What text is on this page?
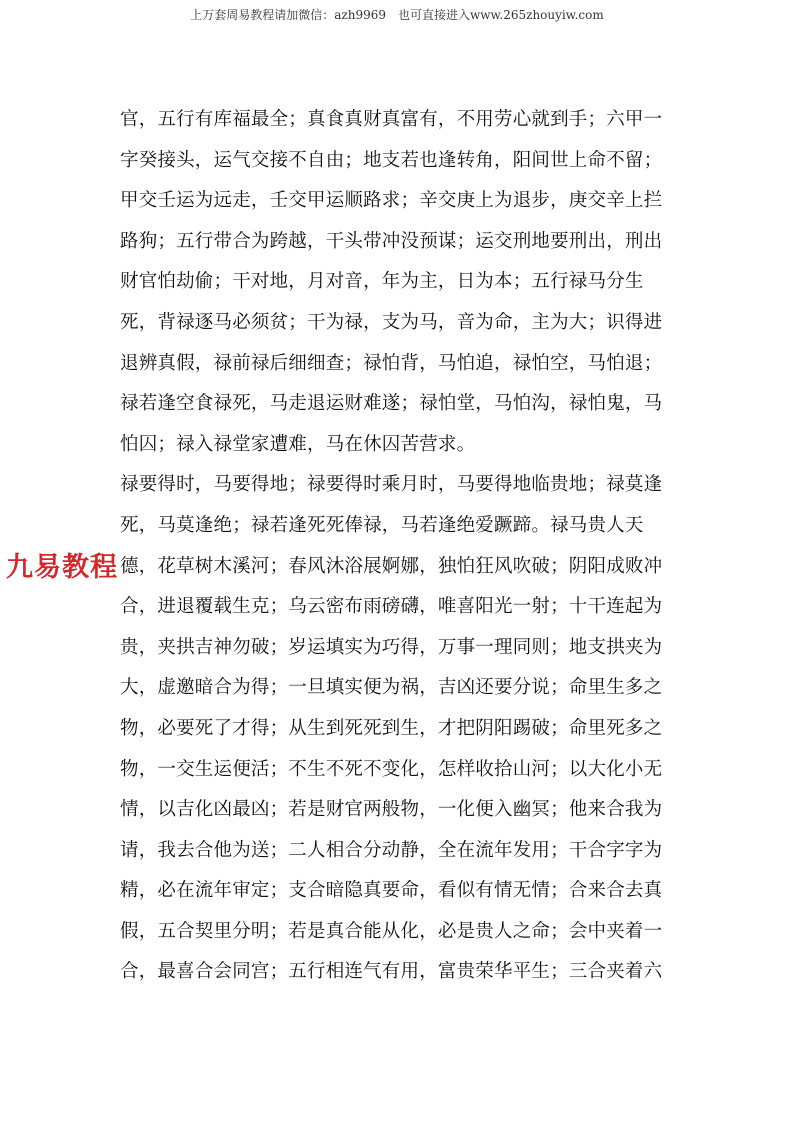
上万套周易教程请加微信：azh9969　也可直接进入www.265zhouyiw.com
官，五行有库福最全；真食真财真富有，不用劳心就到手；六甲一
字癸接头，运气交接不自由；地支若也逢转角，阳间世上命不留；
甲交壬运为远走，壬交甲运顺路求；辛交庚上为退步，庚交辛上拦
路狗；五行带合为跨越，干头带冲没预谋；运交刑地要刑出，刑出
财官怕劫偷；干对地，月对音，年为主，日为本；五行禄马分生
死，背禄逐马必须贫；干为禄，支为马，音为命，主为大；识得进
退辨真假，禄前禄后细细查；禄怕背，马怕追，禄怕空，马怕退；
禄若逢空食禄死，马走退运财难遂；禄怕堂，马怕沟，禄怕鬼，马
怕囚；禄入禄堂家遭难，马在休囚苦营求。
禄要得时，马要得地；禄要得时乘月时，马要得地临贵地；禄莫逢
死，马莫逢绝；禄若逢死死俸禄，马若逢绝爱蹶蹄。禄马贵人天
德，花草树木溪河；春风沐浴展婀娜，独怕狂风吹破；阴阳成败冲
合，进退覆载生克；乌云密布雨磅礴，唯喜阳光一射；十干连起为
贵，夹拱吉神勿破；岁运填实为巧得，万事一理同则；地支拱夹为
大，虚邀暗合为得；一旦填实便为祸，吉凶还要分说；命里生多之
物，必要死了才得；从生到死死到生，才把阴阳踢破；命里死多之
物，一交生运便活；不生不死不变化，怎样收拾山河；以大化小无
情，以吉化凶最凶；若是财官两般物，一化便入幽冥；他来合我为
请，我去合他为送；二人相合分动静，全在流年发用；干合字字为
精，必在流年审定；支合暗隐真要命，看似有情无情；合来合去真
假，五合契里分明；若是真合能从化，必是贵人之命；会中夹着一
合，最喜合会同宫；五行相连气有用，富贵荣华平生；三合夹着六
九易教程
